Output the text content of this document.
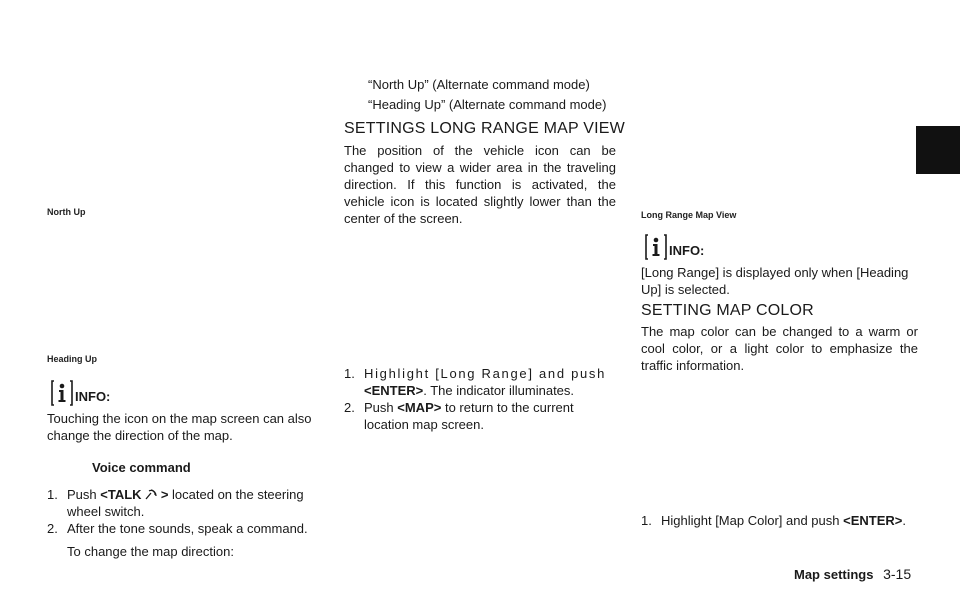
North Up
Heading Up
INFO:
Touching the icon on the map screen can also change the direction of the map.
Voice command
1. Push <TALK > located on the steering
wheel switch.
2. After the tone sounds, speak a command.
To change the map direction:
“North Up” (Alternate command mode)
“Heading Up” (Alternate command mode)
SETTINGS LONG RANGE MAP VIEW
The position of the vehicle icon can be changed to view a wider area in the traveling direction. If this function is activated, the vehicle icon is located slightly lower than the center of the screen.
1. Highlight [Long Range] and push
<ENTER>. The indicator illuminates.
2. Push <MAP> to return to the current
location map screen.
Long Range Map View
INFO:
[Long Range] is displayed only when [Heading Up] is selected.
SETTING MAP COLOR
The map color can be changed to a warm or cool color, or a light color to emphasize the traffic information.
1. Highlight [Map Color] and push <ENTER>.
Map settings 3-15
